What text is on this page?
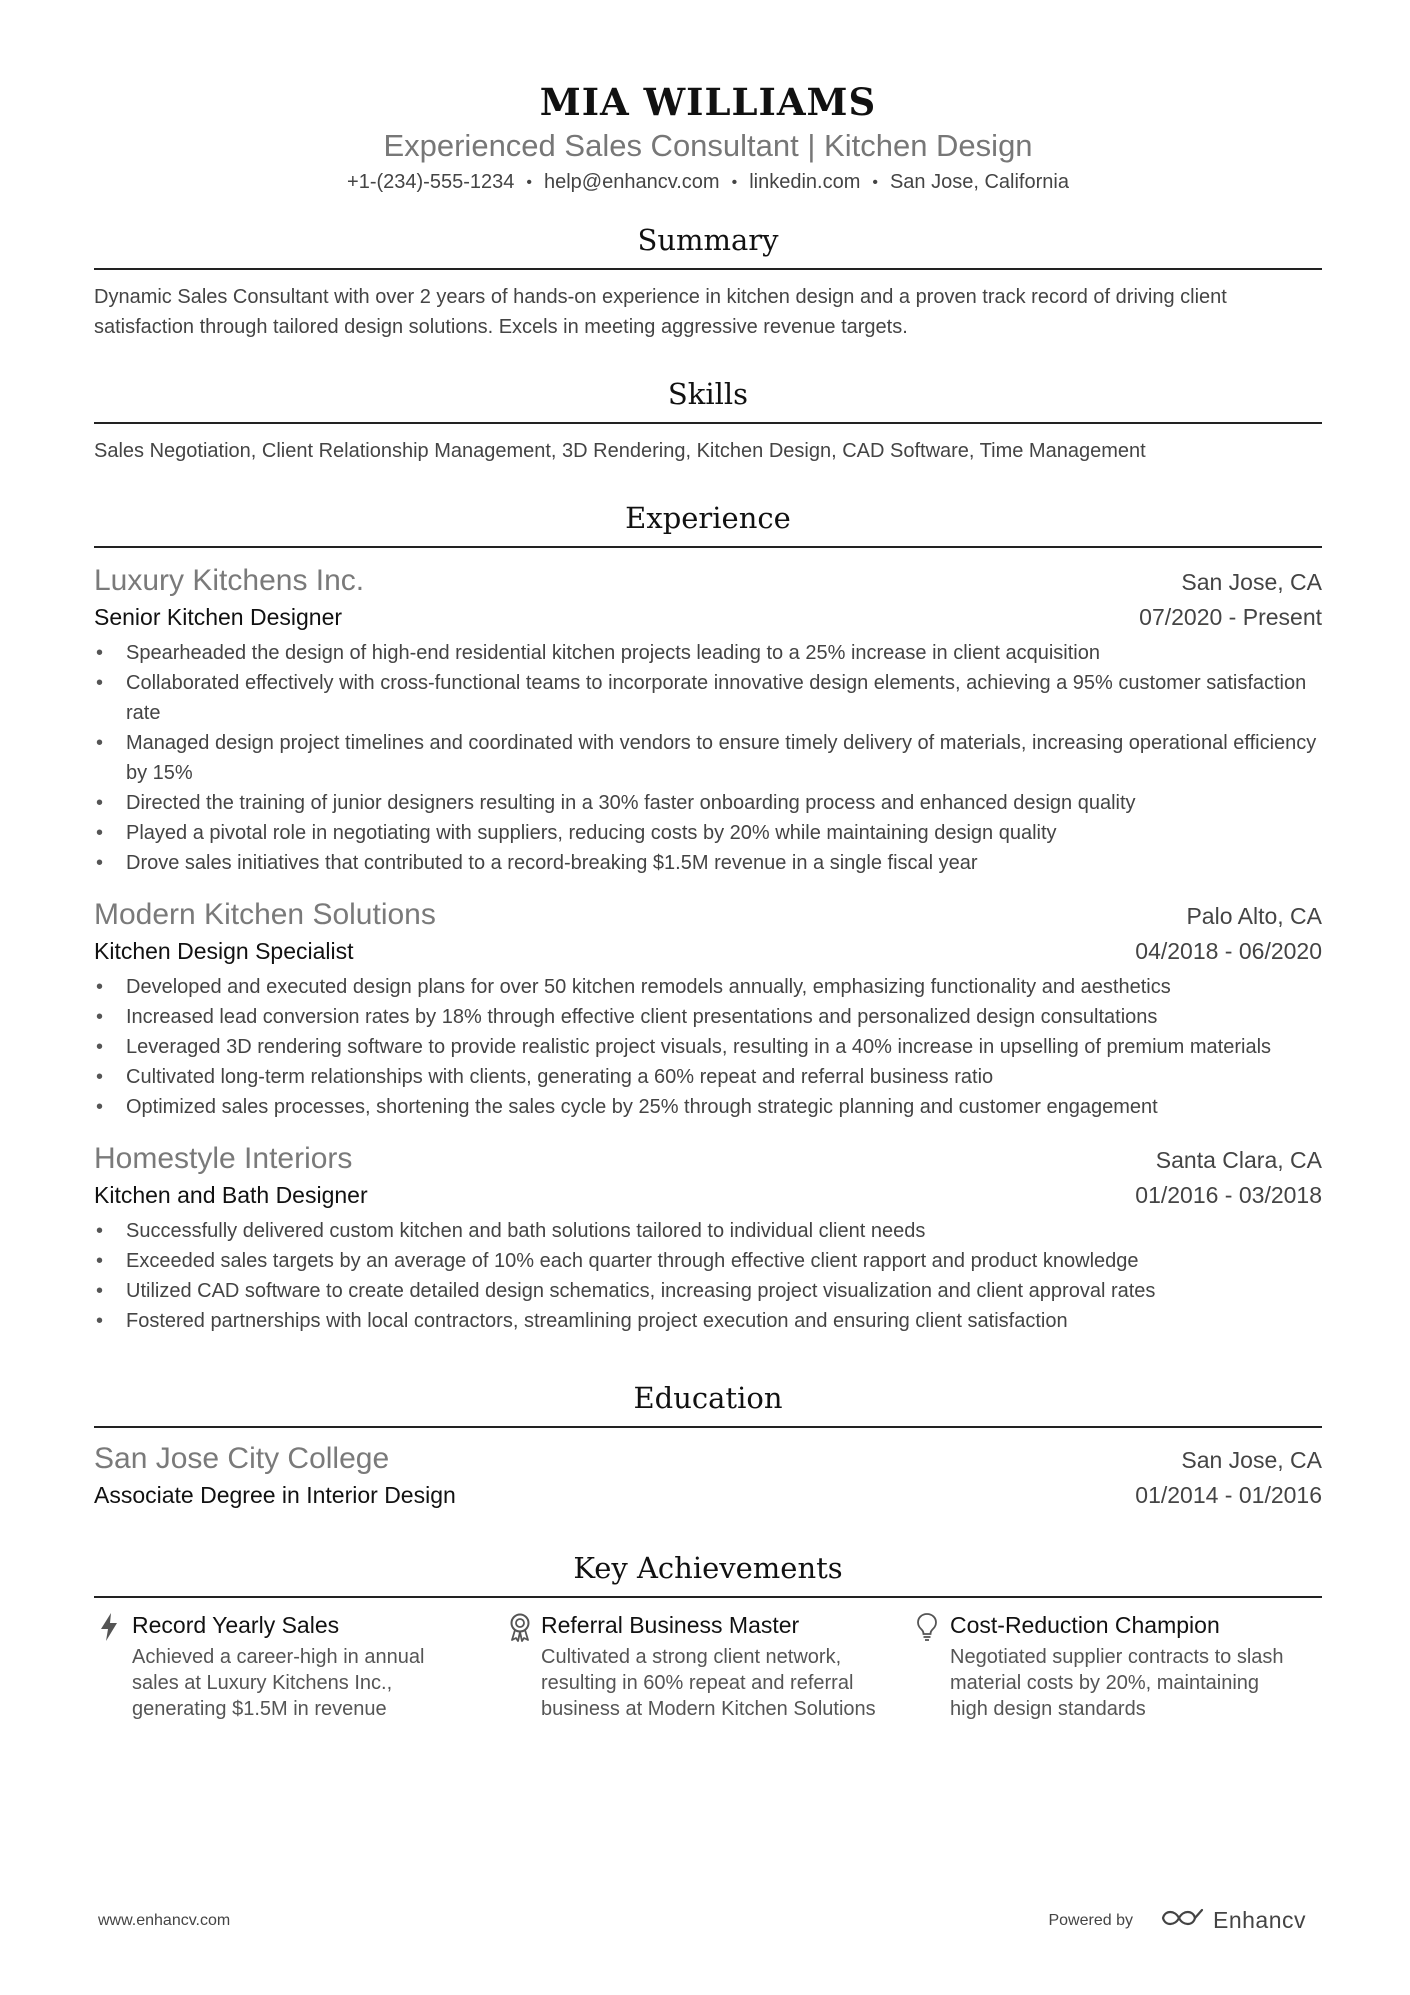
MIA WILLIAMS
Experienced Sales Consultant | Kitchen Design
+1-(234)-555-1234 • help@enhancv.com • linkedin.com • San Jose, California
Summary
Dynamic Sales Consultant with over 2 years of hands-on experience in kitchen design and a proven track record of driving client satisfaction through tailored design solutions. Excels in meeting aggressive revenue targets.
Skills
Sales Negotiation, Client Relationship Management, 3D Rendering, Kitchen Design, CAD Software, Time Management
Experience
Luxury Kitchens Inc.	San Jose, CA
Senior Kitchen Designer	07/2020 - Present
• Spearheaded the design of high-end residential kitchen projects leading to a 25% increase in client acquisition
• Collaborated effectively with cross-functional teams to incorporate innovative design elements, achieving a 95% customer satisfaction rate
• Managed design project timelines and coordinated with vendors to ensure timely delivery of materials, increasing operational efficiency by 15%
• Directed the training of junior designers resulting in a 30% faster onboarding process and enhanced design quality
• Played a pivotal role in negotiating with suppliers, reducing costs by 20% while maintaining design quality
• Drove sales initiatives that contributed to a record-breaking $1.5M revenue in a single fiscal year
Modern Kitchen Solutions	Palo Alto, CA
Kitchen Design Specialist	04/2018 - 06/2020
• Developed and executed design plans for over 50 kitchen remodels annually, emphasizing functionality and aesthetics
• Increased lead conversion rates by 18% through effective client presentations and personalized design consultations
• Leveraged 3D rendering software to provide realistic project visuals, resulting in a 40% increase in upselling of premium materials
• Cultivated long-term relationships with clients, generating a 60% repeat and referral business ratio
• Optimized sales processes, shortening the sales cycle by 25% through strategic planning and customer engagement
Homestyle Interiors	Santa Clara, CA
Kitchen and Bath Designer	01/2016 - 03/2018
• Successfully delivered custom kitchen and bath solutions tailored to individual client needs
• Exceeded sales targets by an average of 10% each quarter through effective client rapport and product knowledge
• Utilized CAD software to create detailed design schematics, increasing project visualization and client approval rates
• Fostered partnerships with local contractors, streamlining project execution and ensuring client satisfaction
Education
San Jose City College	San Jose, CA
Associate Degree in Interior Design	01/2014 - 01/2016
Key Achievements
Record Yearly Sales
Achieved a career-high in annual sales at Luxury Kitchens Inc., generating $1.5M in revenue
Referral Business Master
Cultivated a strong client network, resulting in 60% repeat and referral business at Modern Kitchen Solutions
Cost-Reduction Champion
Negotiated supplier contracts to slash material costs by 20%, maintaining high design standards
www.enhancv.com	Powered by	Enhancv
